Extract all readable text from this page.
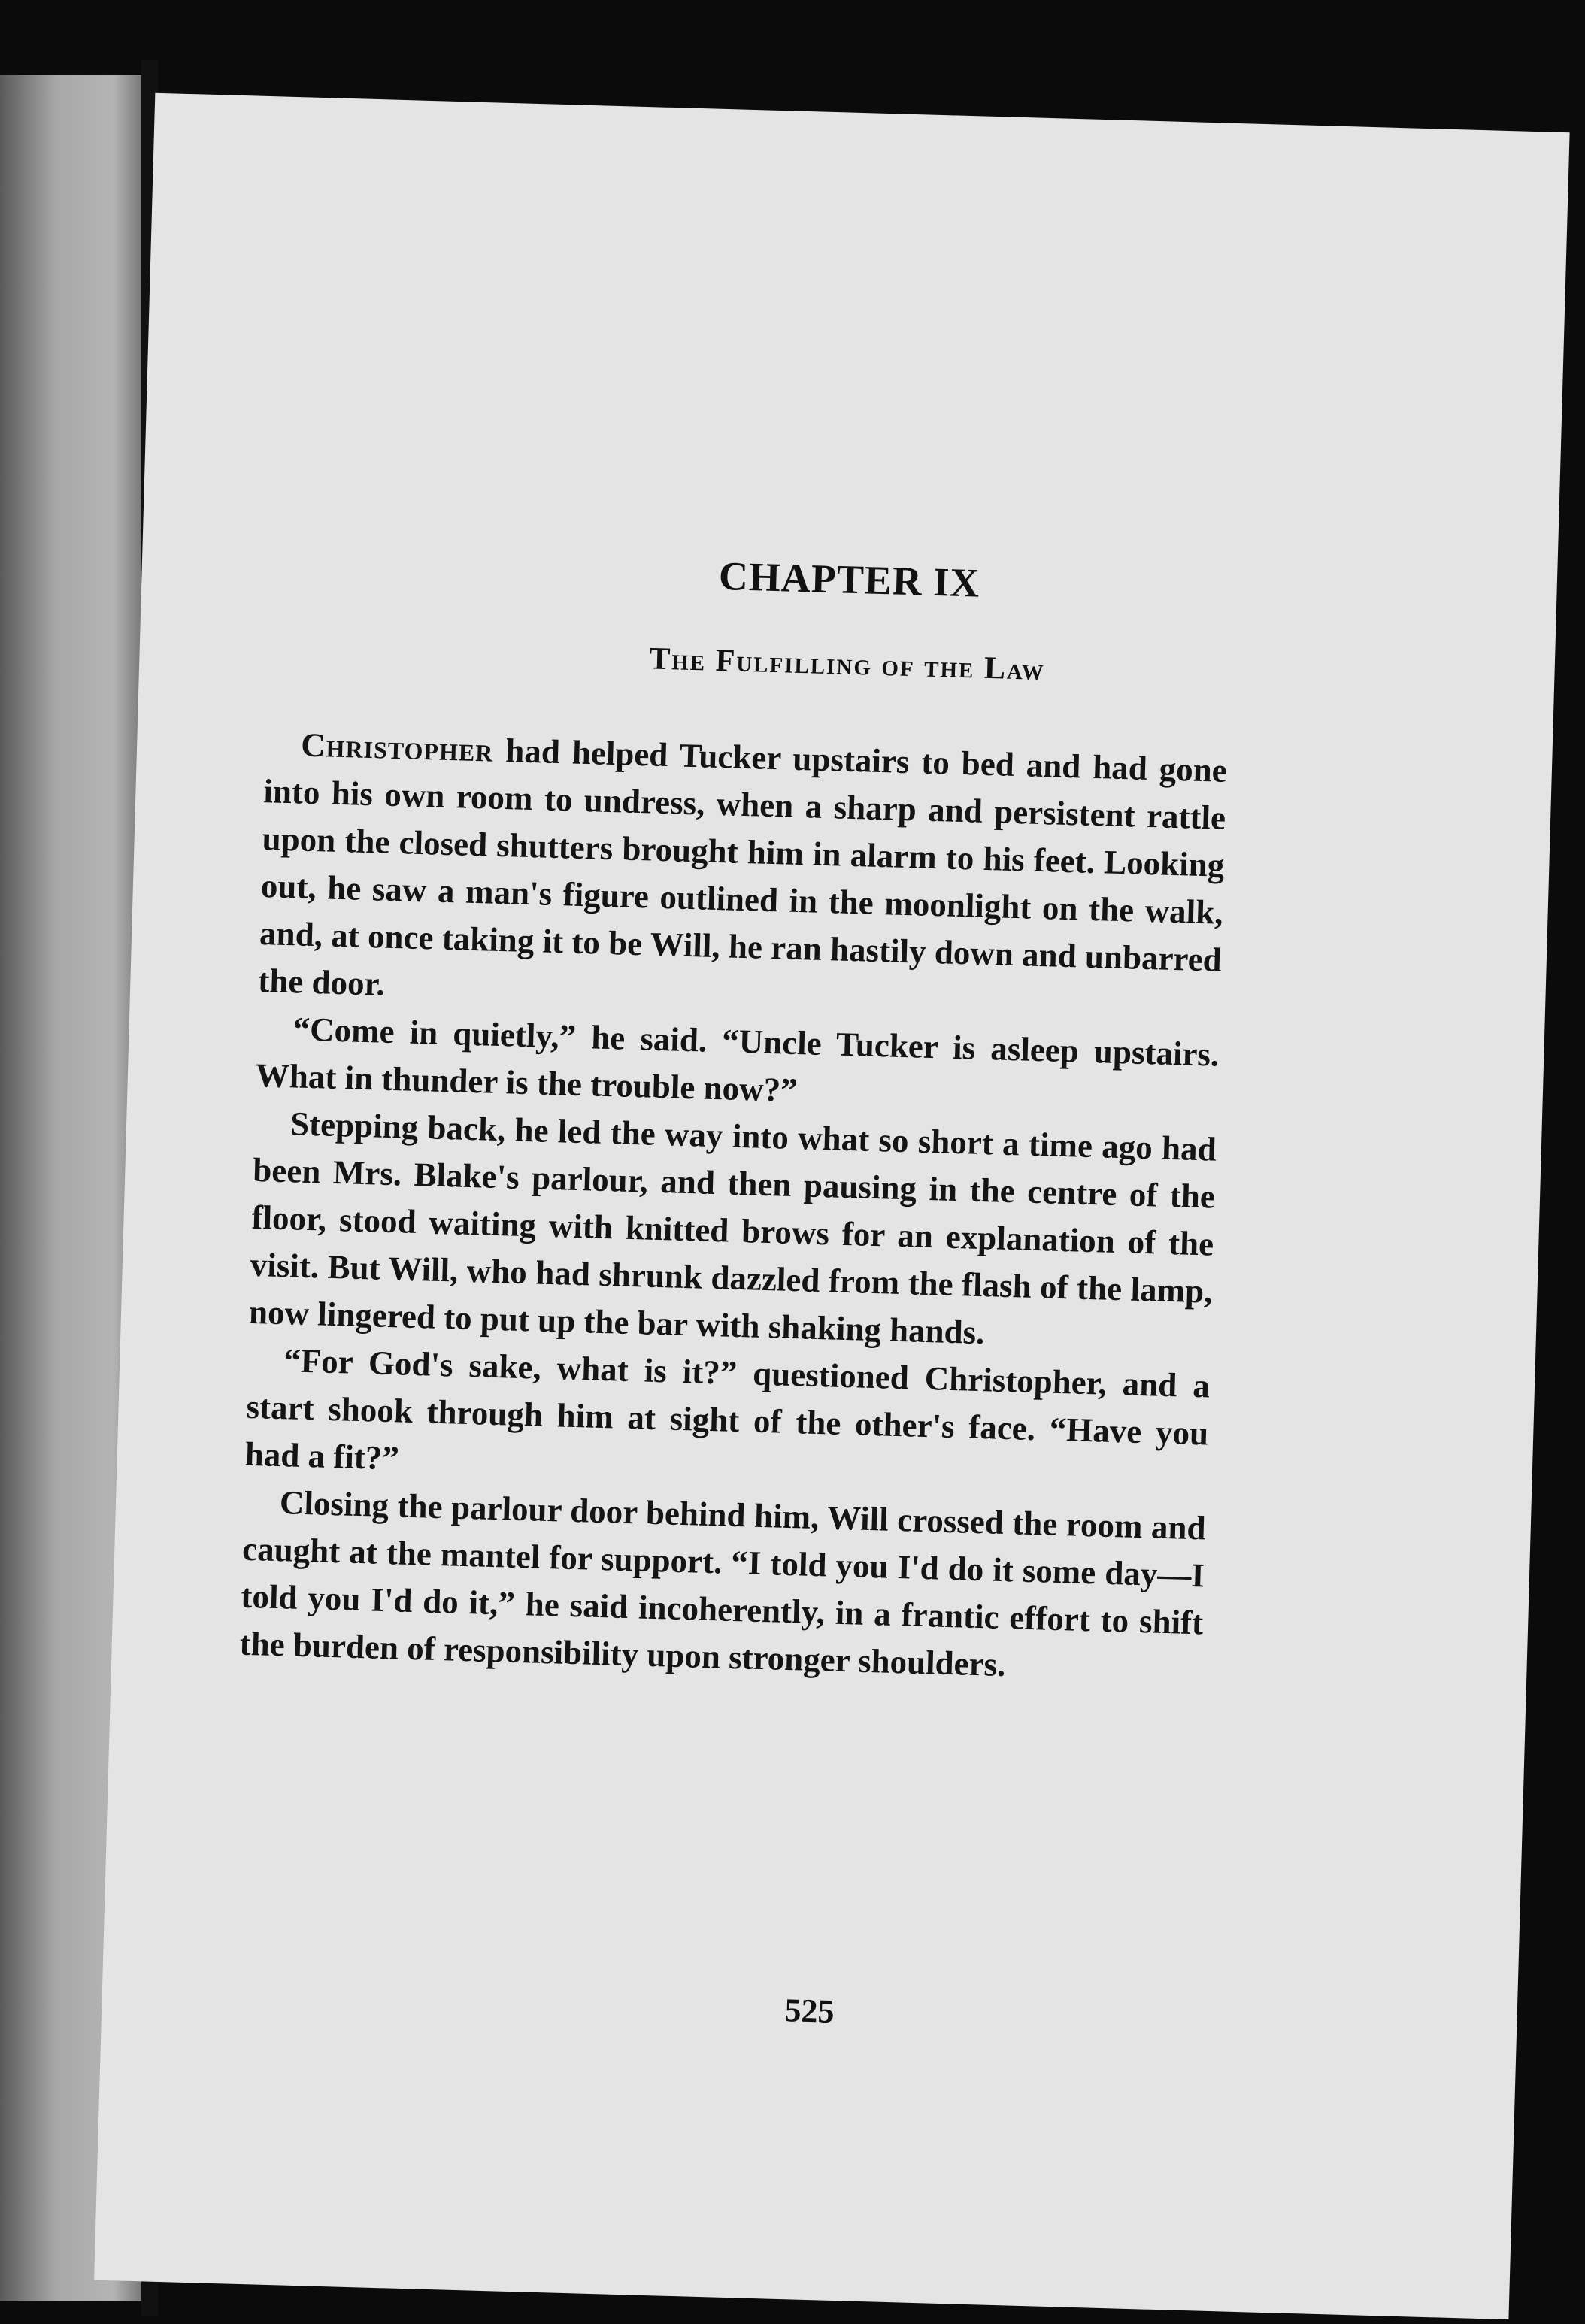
CHAPTER IX
The Fulfilling of the Law

Christopher had helped Tucker upstairs to bed and had gone into his own room to undress, when a sharp and persistent rattle upon the closed shutters brought him in alarm to his feet. Looking out, he saw a man's figure outlined in the moonlight on the walk, and, at once taking it to be Will, he ran hastily down and unbarred the door.

“Come in quietly,” he said. “Uncle Tucker is asleep upstairs. What in thunder is the trouble now?”

Stepping back, he led the way into what so short a time ago had been Mrs. Blake's parlour, and then pausing in the centre of the floor, stood waiting with knitted brows for an explanation of the visit. But Will, who had shrunk dazzled from the flash of the lamp, now lingered to put up the bar with shaking hands.

“For God's sake, what is it?” questioned Christopher, and a start shook through him at sight of the other's face. “Have you had a fit?”

Closing the parlour door behind him, Will crossed the room and caught at the mantel for support. “I told you I'd do it some day—I told you I'd do it,” he said incoherently, in a frantic effort to shift the burden of responsibility upon stronger shoulders.

525
